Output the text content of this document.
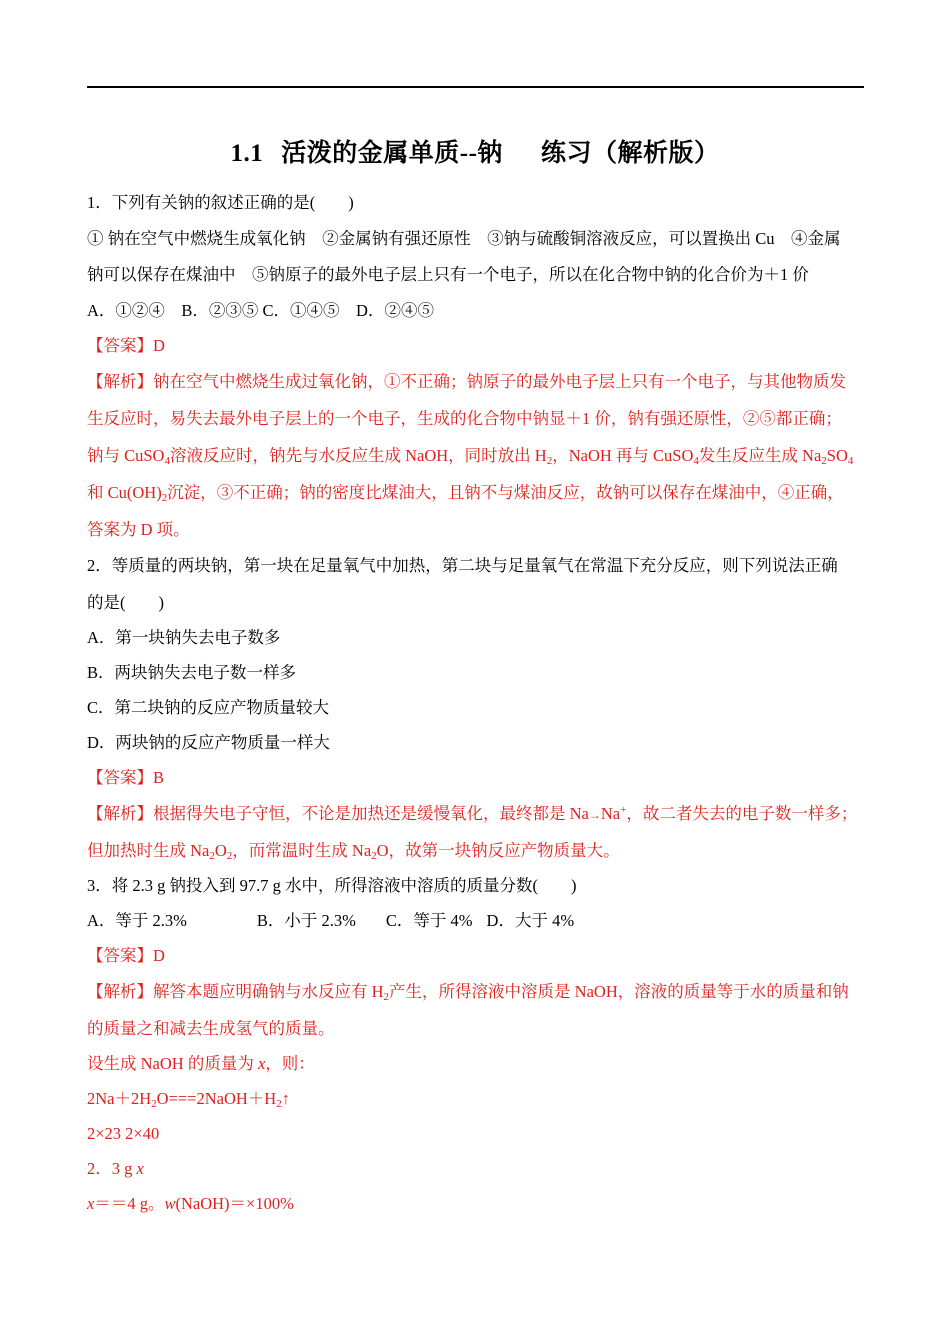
1.1 活泼的金属单质--钠 练习（解析版）
1．下列有关钠的叙述正确的是(　　)
① 钠在空气中燃烧生成氧化钠　②金属钠有强还原性　③钠与硫酸铜溶液反应，可以置换出 Cu　④金属
钠可以保存在煤油中　⑤钠原子的最外电子层上只有一个电子，所以在化合物中钠的化合价为＋1 价
A．①②④　B．②③⑤ C．①④⑤　D．②④⑤
【答案】D
【解析】钠在空气中燃烧生成过氧化钠，①不正确；钠原子的最外电子层上只有一个电子，与其他物质发
生反应时，易失去最外电子层上的一个电子，生成的化合物中钠显＋1 价，钠有强还原性，②⑤都正确；
钠与 CuSO$_4$溶液反应时，钠先与水反应生成 NaOH，同时放出 $H_2$，NaOH 再与 CuSO$_4$发生反应生成 $Na_2SO_4$
和 $Cu(OH)_2$沉淀，③不正确；钠的密度比煤油大，且钠不与煤油反应，故钠可以保存在煤油中，④正确，
答案为 D 项。
2．等质量的两块钠，第一块在足量氧气中加热，第二块与足量氧气在常温下充分反应，则下列说法正确
的是(　　)
A．第一块钠失去电子数多
B．两块钠失去电子数一样多
C．第二块钠的反应产物质量较大
D．两块钠的反应产物质量一样大
【答案】B
【解析】根据得失电子守恒，不论是加热还是缓慢氧化，最终都是 Na→Na+，故二者失去的电子数一样多；
但加热时生成 $Na_2O_2$，而常温时生成 $Na_2O$，故第一块钠反应产物质量大。
3．将 2.3 g 钠投入到 97.7 g 水中，所得溶液中溶质的质量分数(　　)
A．等于 2.3%	B．小于 2.3% C．等于 4% D．大于 4%
【答案】D
【解析】解答本题应明确钠与水反应有 $H_2$产生，所得溶液中溶质是 NaOH，溶液的质量等于水的质量和钠
的质量之和减去生成氢气的质量。
设生成 NaOH 的质量为 x，则：
$2Na+2H_2O===2NaOH+H_2↑$
2×23 2×40
2．3 g x
x＝＝4 g。w(NaOH)＝×100%
